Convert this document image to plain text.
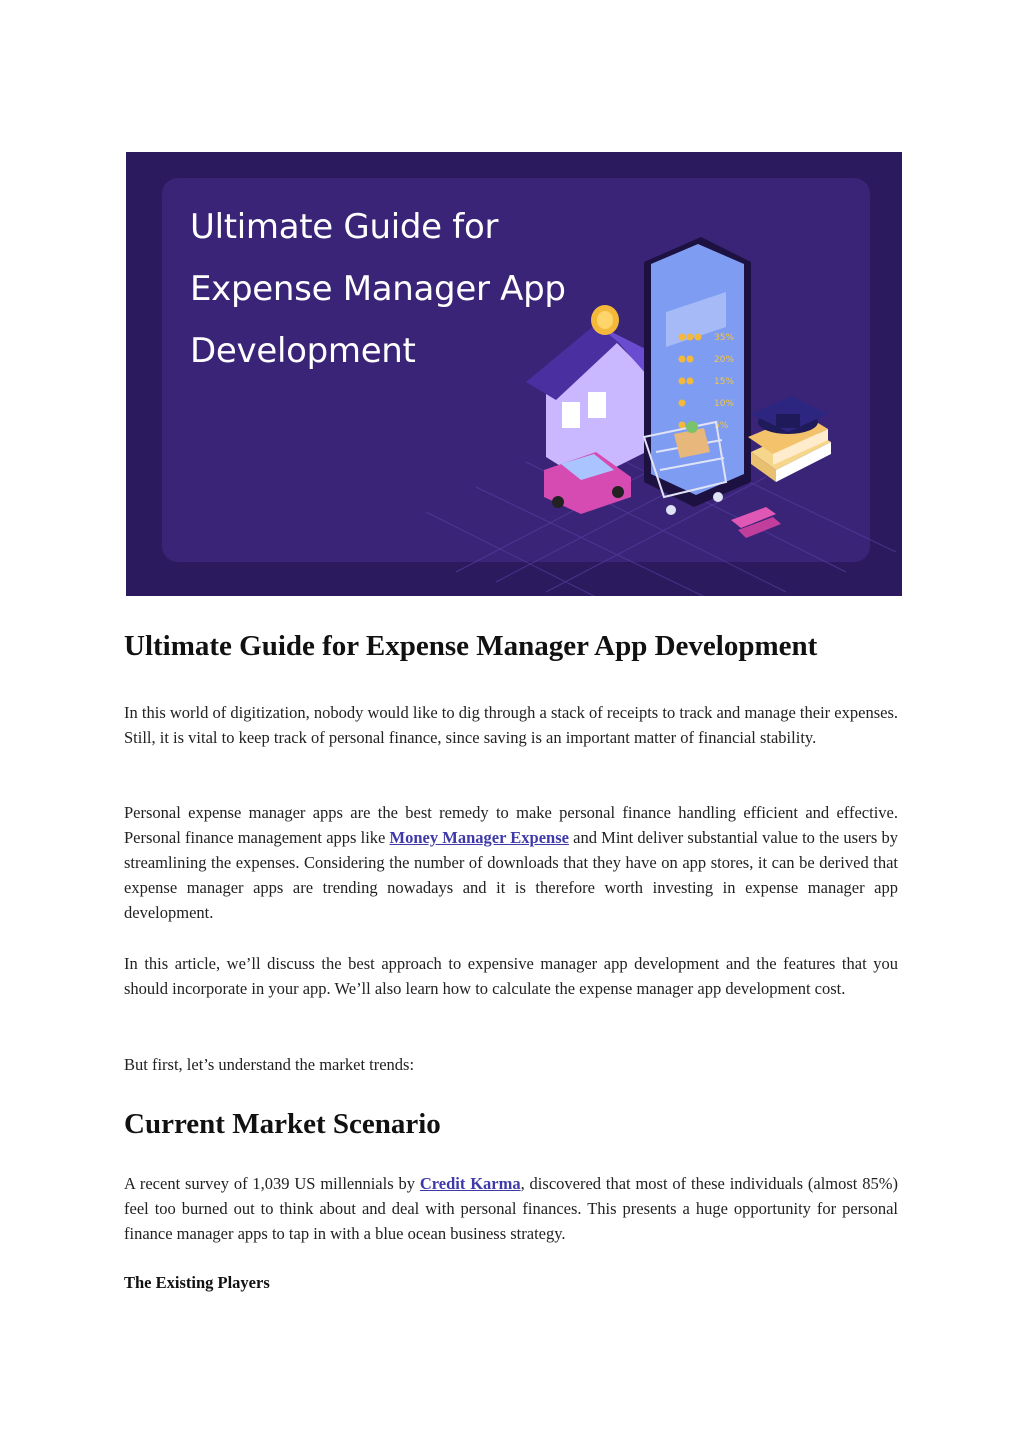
Ultimate Guide for
Expense Manager App
Development	35%
20%
15%
10%
5%
Ultimate Guide for Expense Manager App Development

In this world of digitization, nobody would like to dig through a stack of receipts to track and manage their expenses. Still, it is vital to keep track of personal finance, since saving is an important matter of financial stability.

Personal expense manager apps are the best remedy to make personal finance handling efficient and effective. Personal finance management apps like Money Manager Expense and Mint deliver substantial value to the users by streamlining the expenses. Considering the number of downloads that they have on app stores, it can be derived that expense manager apps are trending nowadays and it is therefore worth investing in expense manager app development.

In this article, we’ll discuss the best approach to expensive manager app development and the features that you should incorporate in your app. We’ll also learn how to calculate the expense manager app development cost.

But first, let’s understand the market trends:

Current Market Scenario

A recent survey of 1,039 US millennials by Credit Karma, discovered that most of these individuals (almost 85%) feel too burned out to think about and deal with personal finances. This presents a huge opportunity for personal finance manager apps to tap in with a blue ocean business strategy.

The Existing Players
